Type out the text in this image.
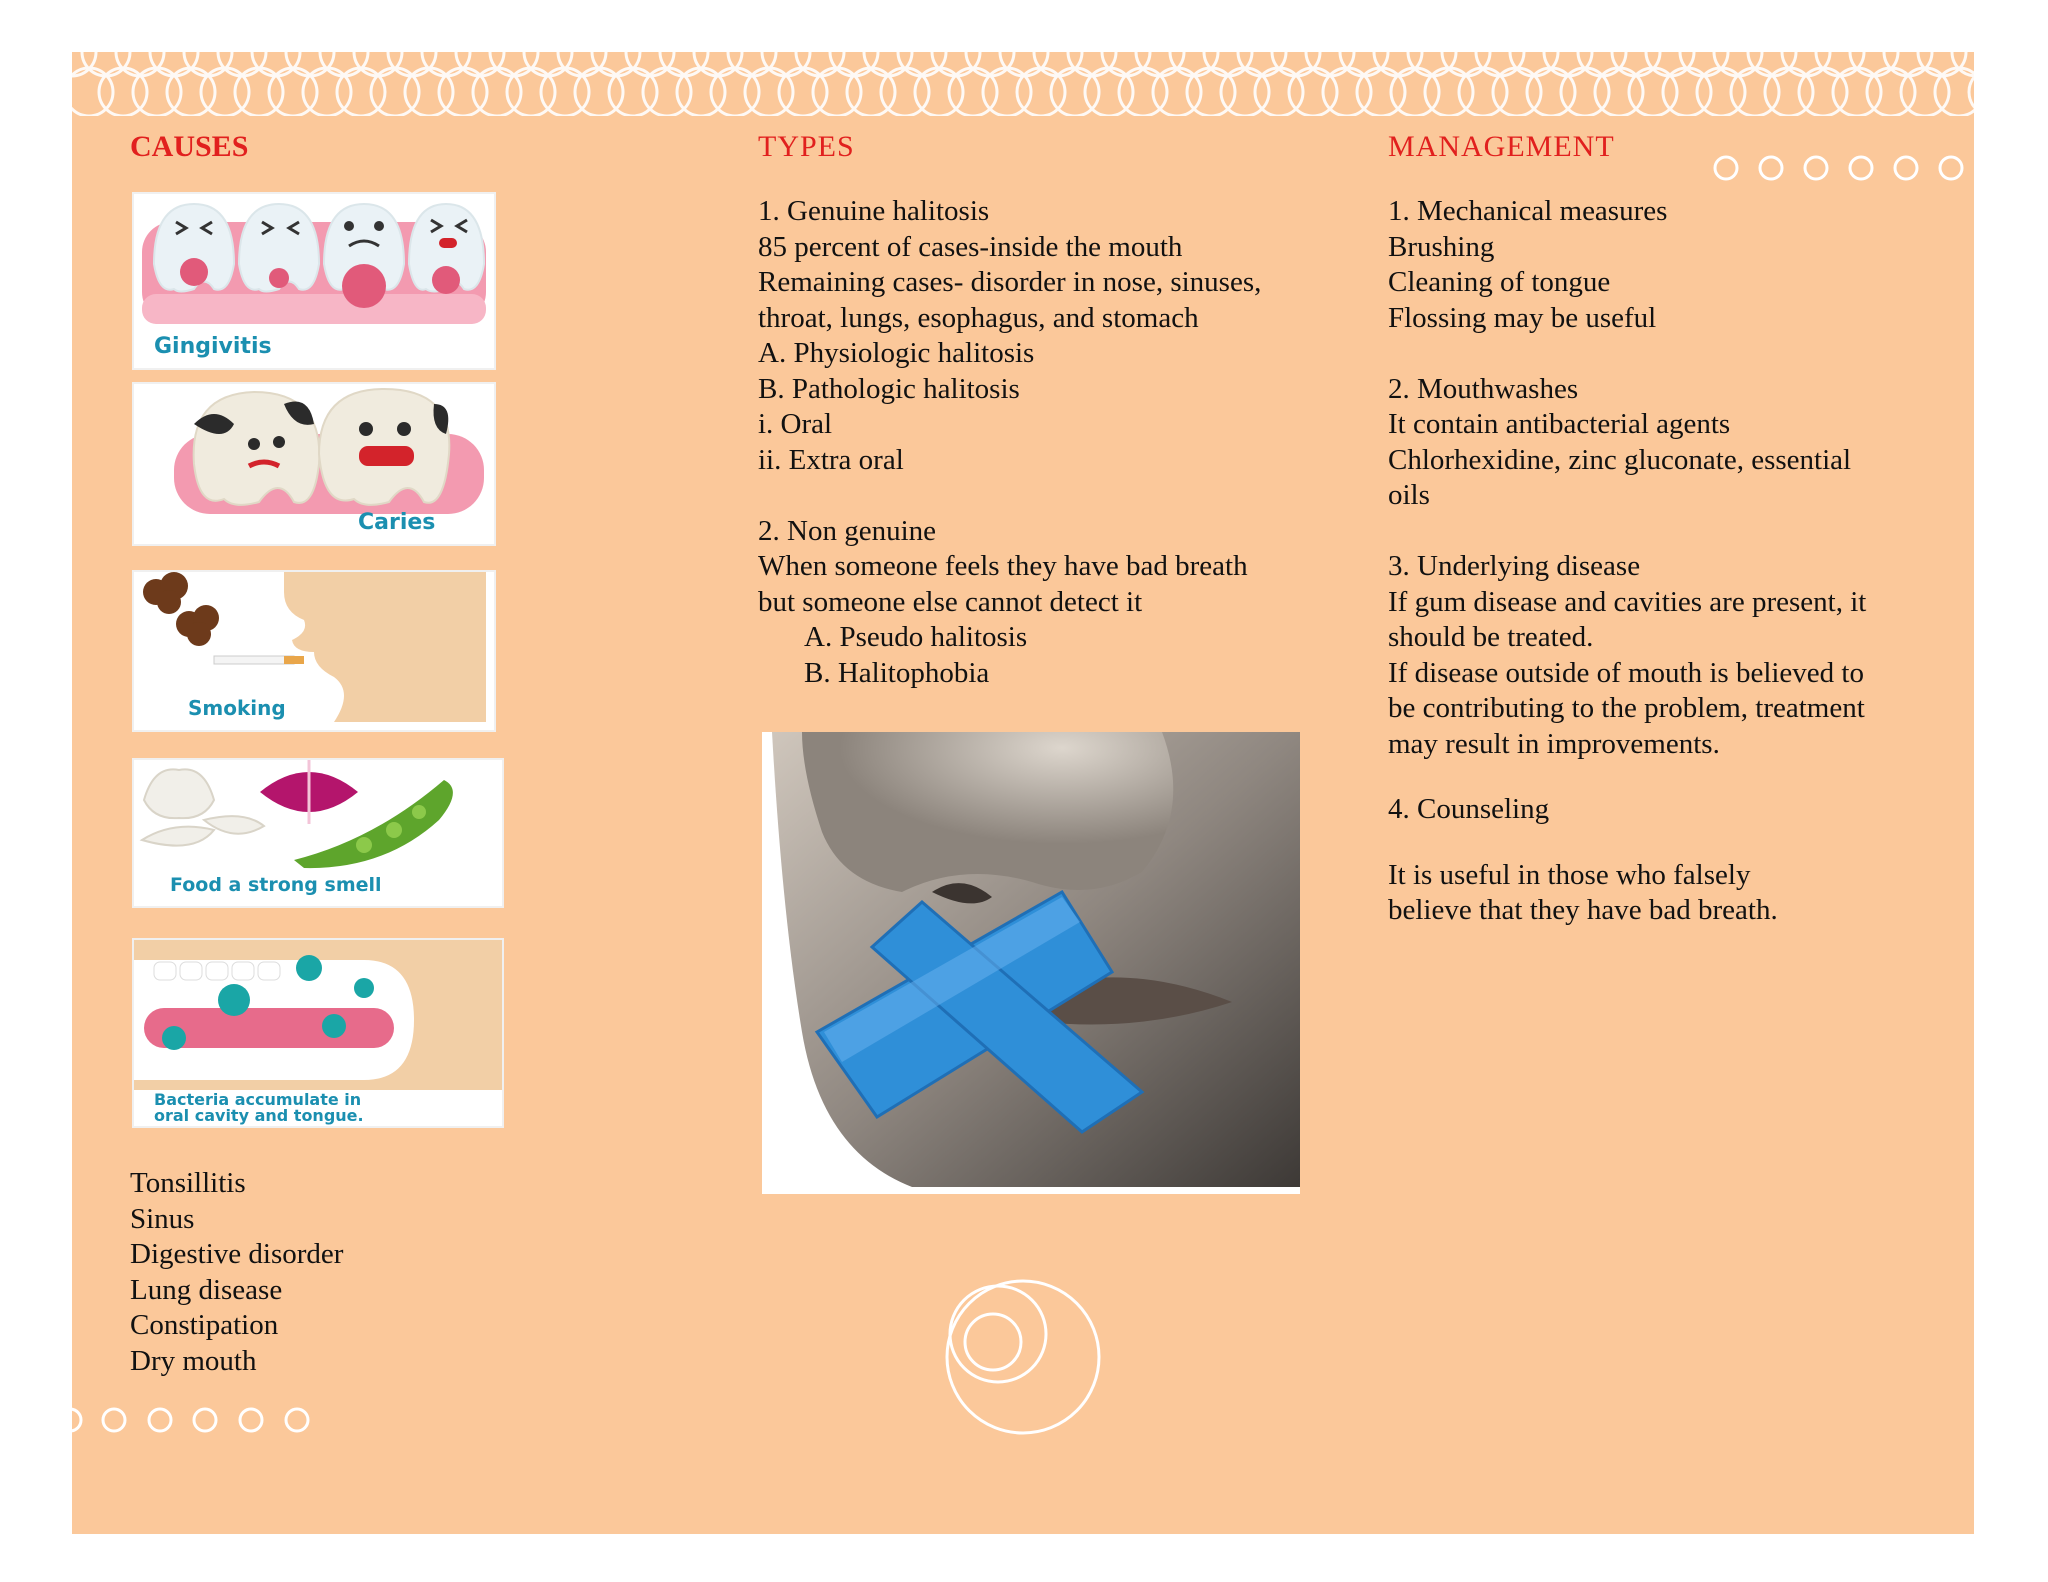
CAUSES
Gingivitis
Caries
Smoking
Food a strong smell
Bacteria accumulate in
oral cavity and tongue.
Tonsillitis
Sinus
Digestive disorder
Lung disease
Constipation
Dry mouth
TYPES
1. Genuine halitosis
85 percent of cases-inside the mouth
Remaining cases- disorder in nose, sinuses,
throat, lungs, esophagus, and stomach
A. Physiologic halitosis
B. Pathologic halitosis
i. Oral
ii. Extra oral
2. Non genuine
When someone feels they have bad breath
but someone else cannot detect it
A. Pseudo halitosis
B. Halitophobia
MANAGEMENT
1. Mechanical measures
Brushing
Cleaning of tongue
Flossing may be useful
2. Mouthwashes
It contain antibacterial agents
Chlorhexidine, zinc gluconate, essential
oils
3. Underlying disease
If gum disease and cavities are present, it
should be treated.
If disease outside of mouth is believed to
be contributing to the problem, treatment
may result in improvements.
4. Counseling
It is useful in those who falsely
believe that they have bad breath.
